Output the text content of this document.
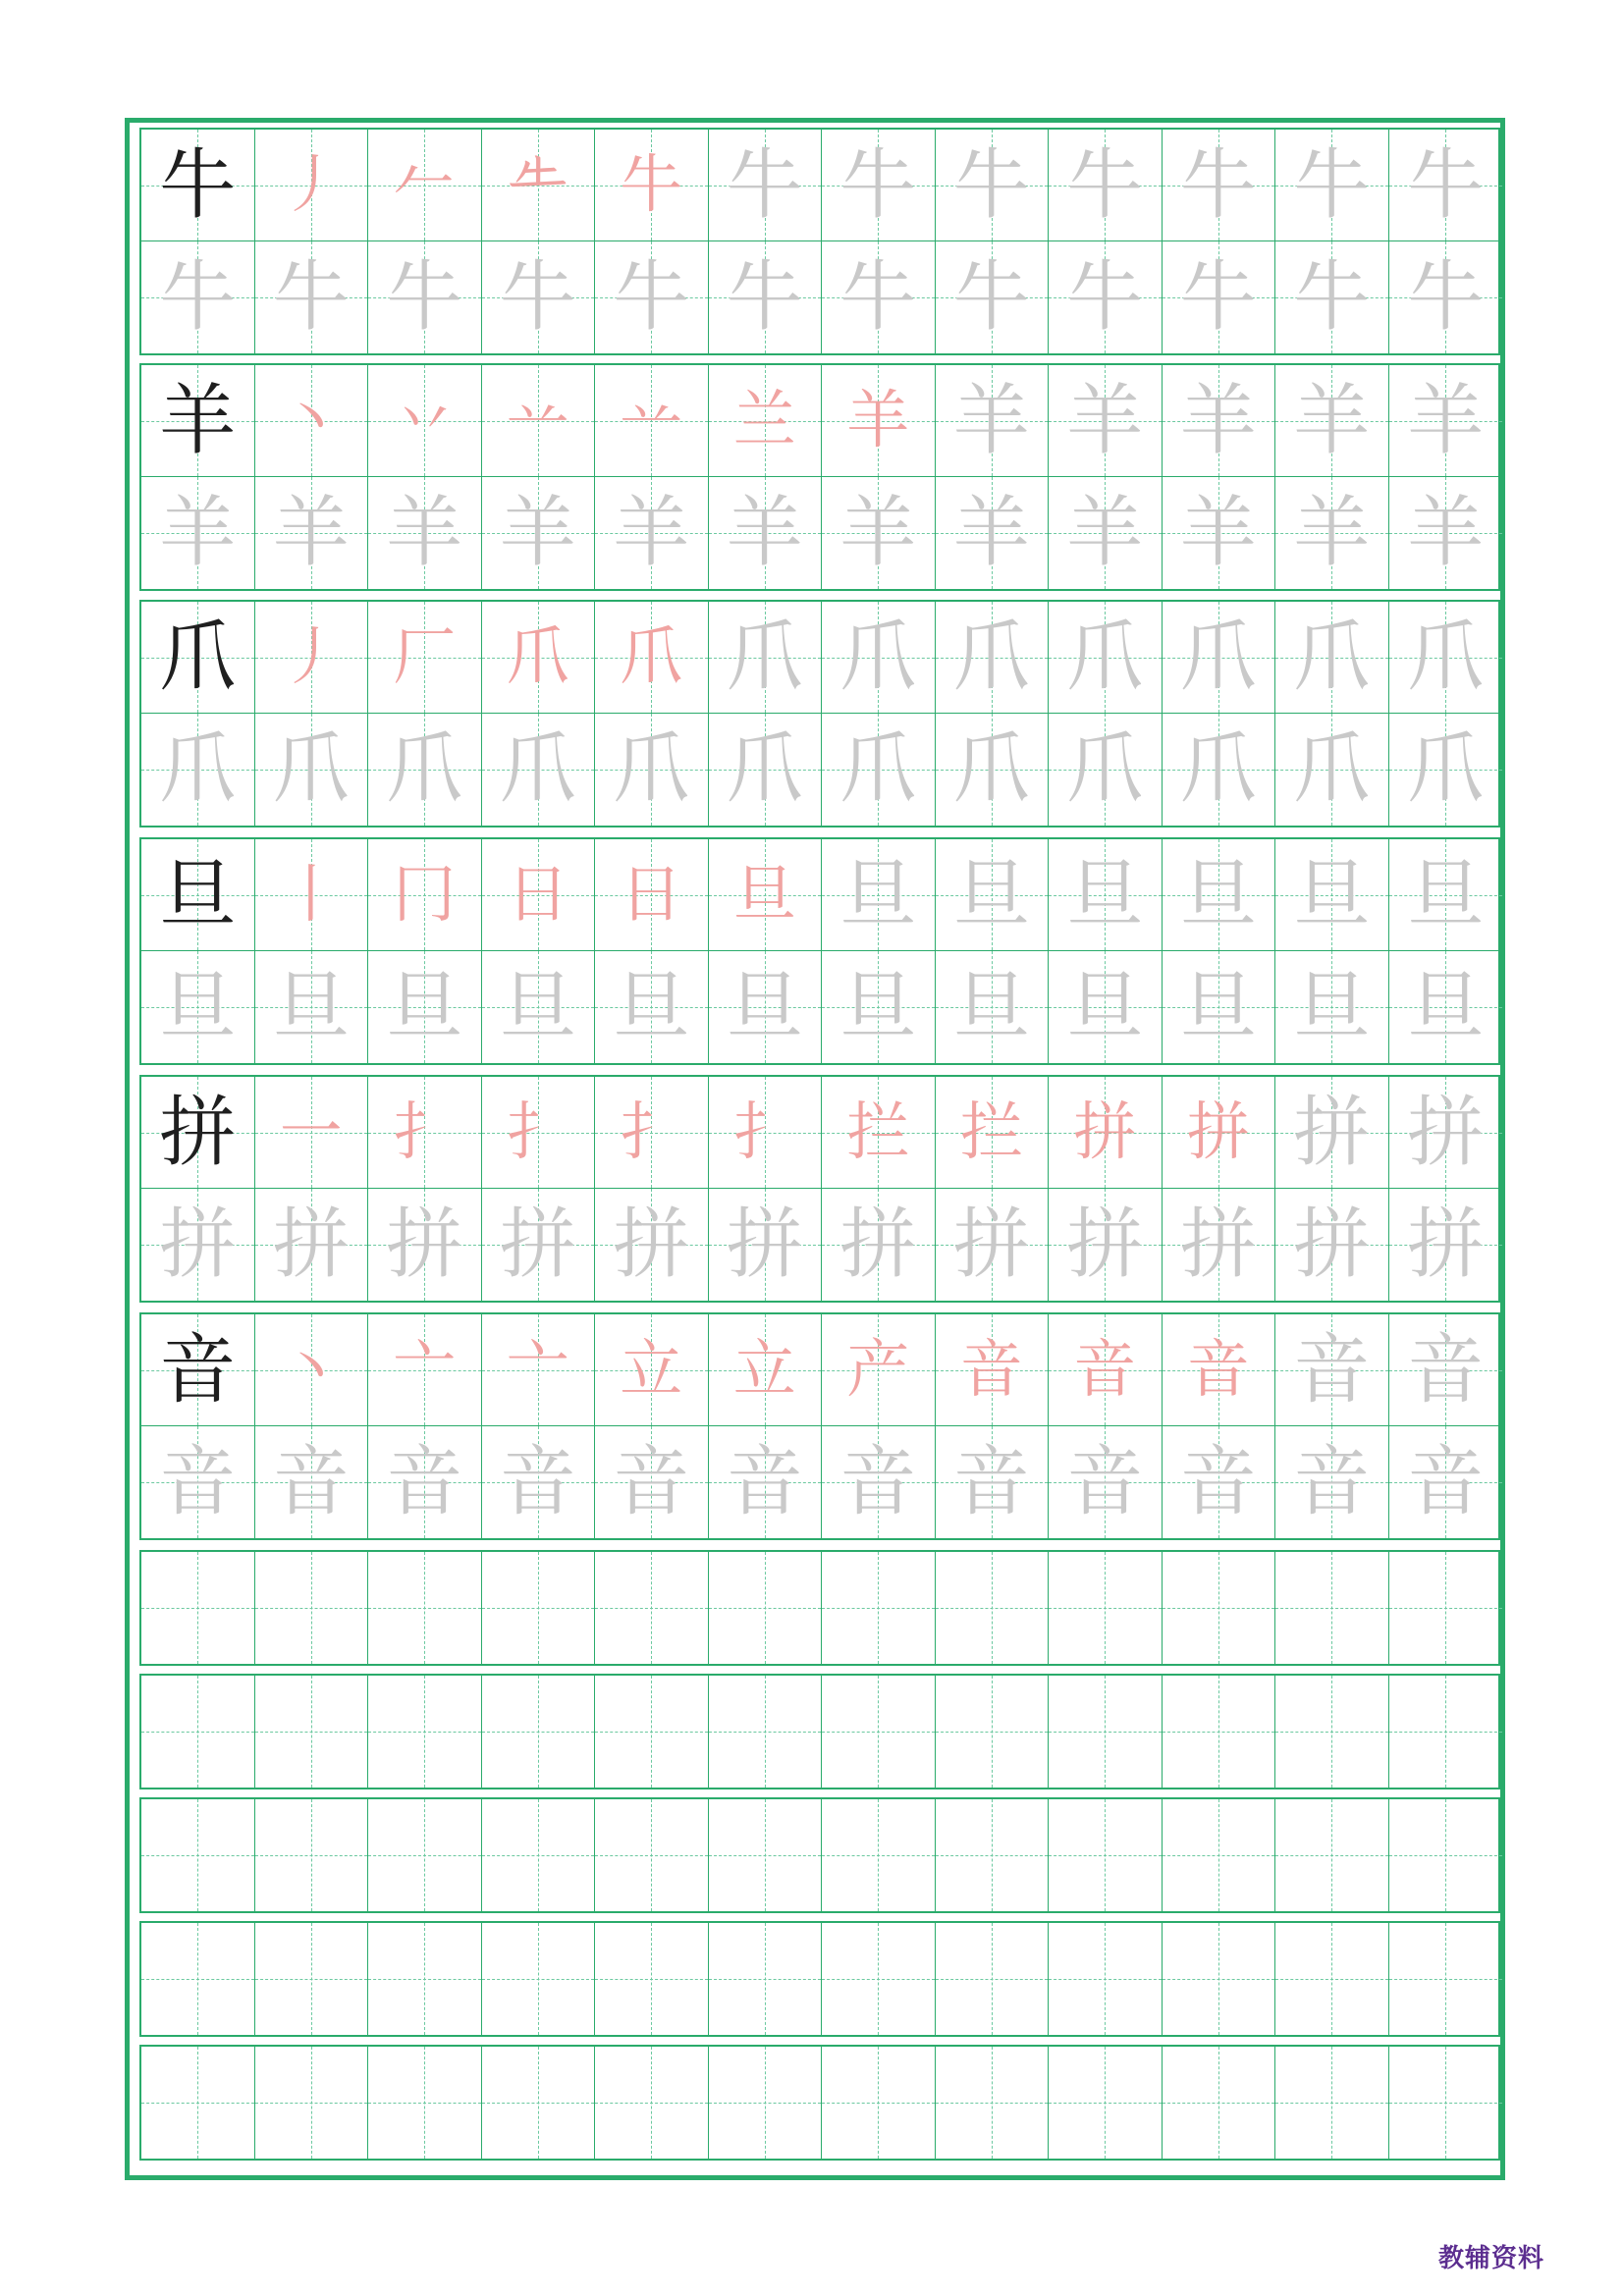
牛 丿 𠂉 𠂒 牛 牛 牛 牛 牛 牛 牛 牛
牛 牛 牛 牛 牛 牛 牛 牛 牛 牛 牛 牛
羊 丶 丷 䒑 䒑 兰 羊 羊 羊 羊 羊 羊
羊 羊 羊 羊 羊 羊 羊 羊 羊 羊 羊 羊
爪 丿 厂 爪 爪 爪 爪 爪 爪 爪 爪 爪
爪 爪 爪 爪 爪 爪 爪 爪 爪 爪 爪 爪
旦 丨 冂 日 日 旦 旦 旦 旦 旦 旦 旦
旦 旦 旦 旦 旦 旦 旦 旦 旦 旦 旦 旦
拼 一 扌 扌 扌 扌 拦 拦 拼 拼 拼 拼
拼 拼 拼 拼 拼 拼 拼 拼 拼 拼 拼 拼
音 丶 亠 亠 立 立 产 音 音 音 音 音
音 音 音 音 音 音 音 音 音 音 音 音
教辅资料
